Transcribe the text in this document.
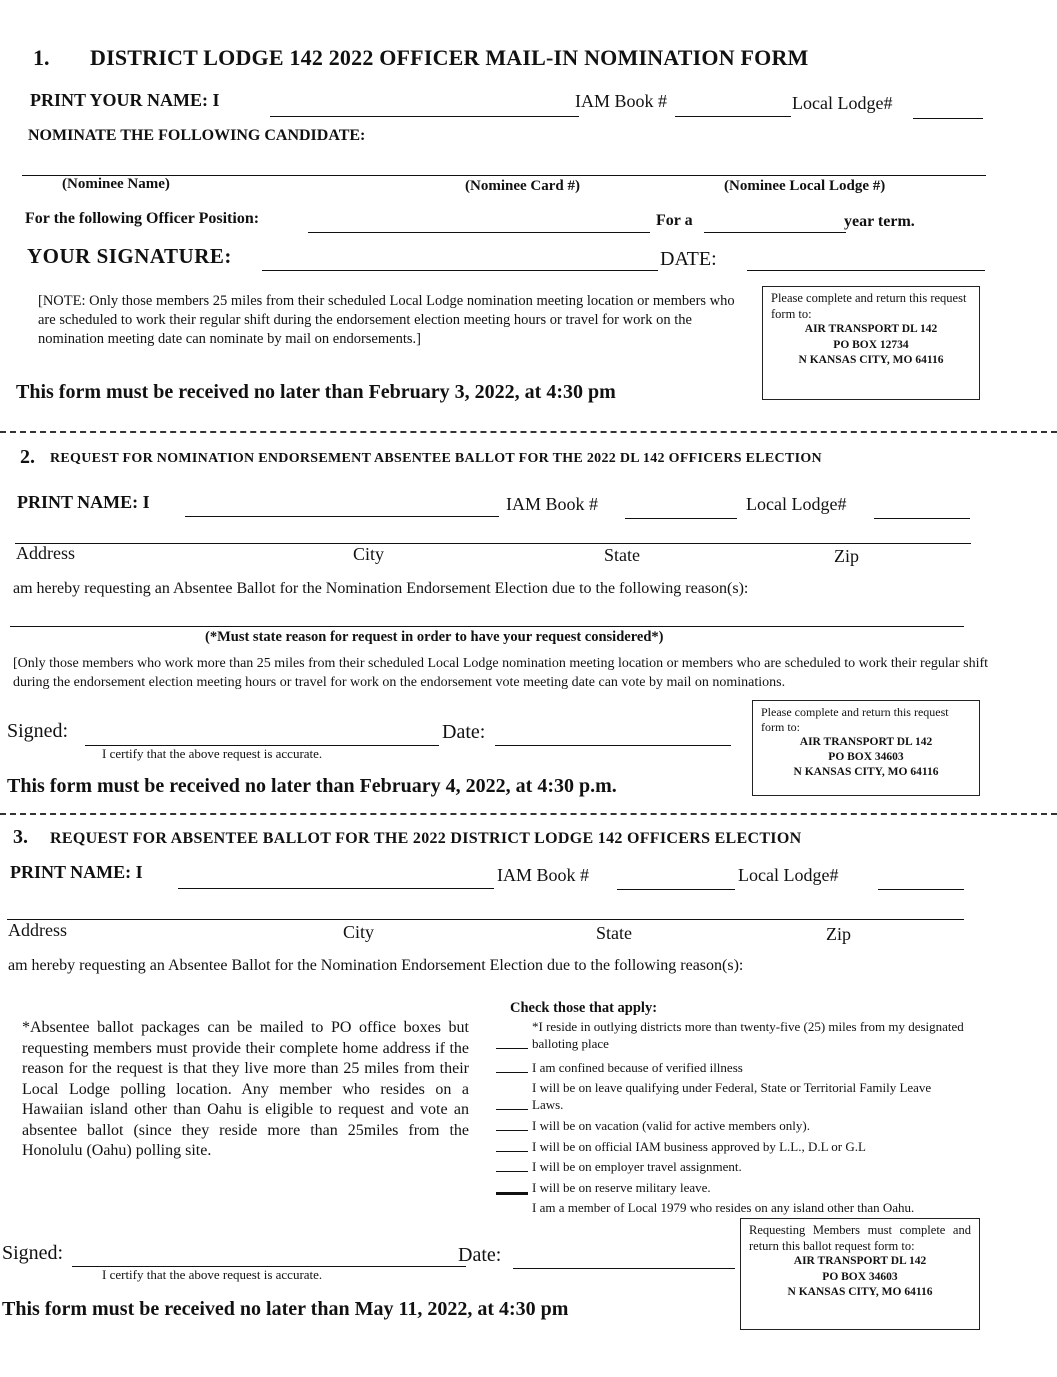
1. DISTRICT LODGE 142 2022 OFFICER MAIL-IN NOMINATION FORM
PRINT YOUR NAME: I	IAM Book #	Local Lodge#
NOMINATE THE FOLLOWING CANDIDATE:
(Nominee Name)	(Nominee Card #)	(Nominee Local Lodge #)
For the following Officer Position:	For a	year term.
YOUR SIGNATURE:	DATE:
[NOTE: Only those members 25 miles from their scheduled Local Lodge nomination meeting location or members who are scheduled to work their regular shift during the endorsement election meeting hours or travel for work on the nomination meeting date can nominate by mail on endorsements.]
Please complete and return this request form to:
AIR TRANSPORT DL 142
PO BOX 12734
N KANSAS CITY, MO 64116
This form must be received no later than February 3, 2022, at 4:30 pm
2. REQUEST FOR NOMINATION ENDORSEMENT ABSENTEE BALLOT FOR THE 2022 DL 142 OFFICERS ELECTION
PRINT NAME: I	IAM Book #	Local Lodge#
Address	City	State	Zip
am hereby requesting an Absentee Ballot for the Nomination Endorsement Election due to the following reason(s):
(*Must state reason for request in order to have your request considered*)
[Only those members who work more than 25 miles from their scheduled Local Lodge nomination meeting location or members who are scheduled to work their regular shift during the endorsement election meeting hours or travel for work on the endorsement vote meeting date can vote by mail on nominations.
Signed:
I certify that the above request is accurate.
Date:
Please complete and return this request form to:
AIR TRANSPORT DL 142
PO BOX 34603
N KANSAS CITY, MO 64116
This form must be received no later than February 4, 2022, at 4:30 p.m.
3. REQUEST FOR ABSENTEE BALLOT FOR THE 2022 DISTRICT LODGE 142 OFFICERS ELECTION
PRINT NAME: I	IAM Book #	Local Lodge#
Address	City	State	Zip
am hereby requesting an Absentee Ballot for the Nomination Endorsement Election due to the following reason(s):
*Absentee ballot packages can be mailed to PO office boxes but requesting members must provide their complete home address if the reason for the request is that they live more than 25 miles from their Local Lodge polling location. Any member who resides on a Hawaiian island other than Oahu is eligible to request and vote an absentee ballot (since they reside more than 25miles from the Honolulu (Oahu) polling site.
Check those that apply:
*I reside in outlying districts more than twenty-five (25) miles from my designated balloting place
I am confined because of verified illness
I will be on leave qualifying under Federal, State or Territorial Family Leave Laws.
I will be on vacation (valid for active members only).
I will be on official IAM business approved by L.L., D.L or G.L
I will be on employer travel assignment.
I will be on reserve military leave.
I am a member of Local 1979 who resides on any island other than Oahu.
Signed:
I certify that the above request is accurate.
Date:
Requesting Members must complete and return this ballot request form to:
AIR TRANSPORT DL 142
PO BOX 34603
N KANSAS CITY, MO 64116
This form must be received no later than May 11, 2022, at 4:30 pm
